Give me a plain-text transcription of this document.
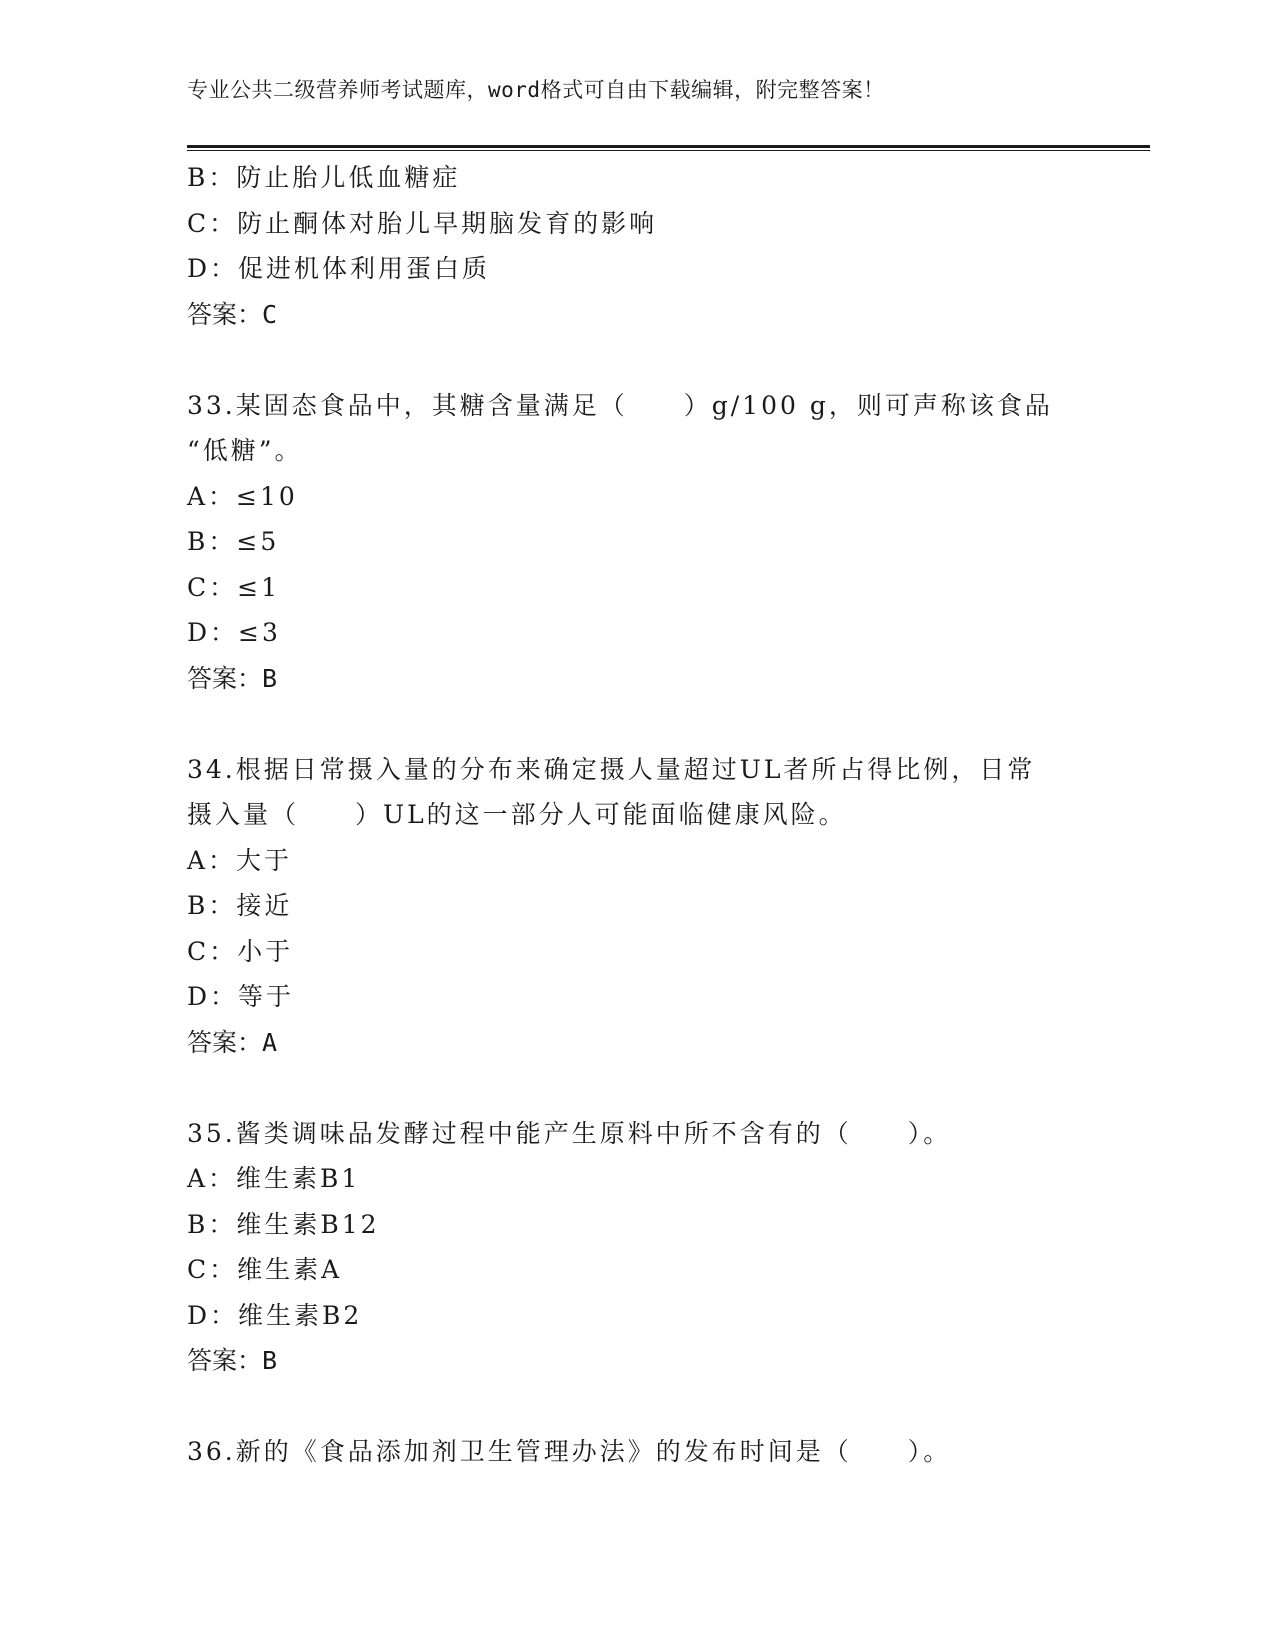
专业公共二级营养师考试题库，word格式可自由下载编辑，附完整答案！

B：防止胎儿低血糖症

C：防止酮体对胎儿早期脑发育的影响

D：促进机体利用蛋白质

答案：C

33.某固态食品中，其糖含量满足（　　）g/100 g，则可声称该食品

“低糖”。

A：≤10

B：≤5

C：≤1

D：≤3

答案：B

34.根据日常摄入量的分布来确定摄人量超过UL者所占得比例，日常

摄入量（　　）UL的这一部分人可能面临健康风险。

A：大于

B：接近

C：小于

D：等于

答案：A

35.酱类调味品发酵过程中能产生原料中所不含有的（　　）。

A：维生素B1

B：维生素B12

C：维生素A

D：维生素B2

答案：B

36.新的《食品添加剂卫生管理办法》的发布时间是（　　）。
